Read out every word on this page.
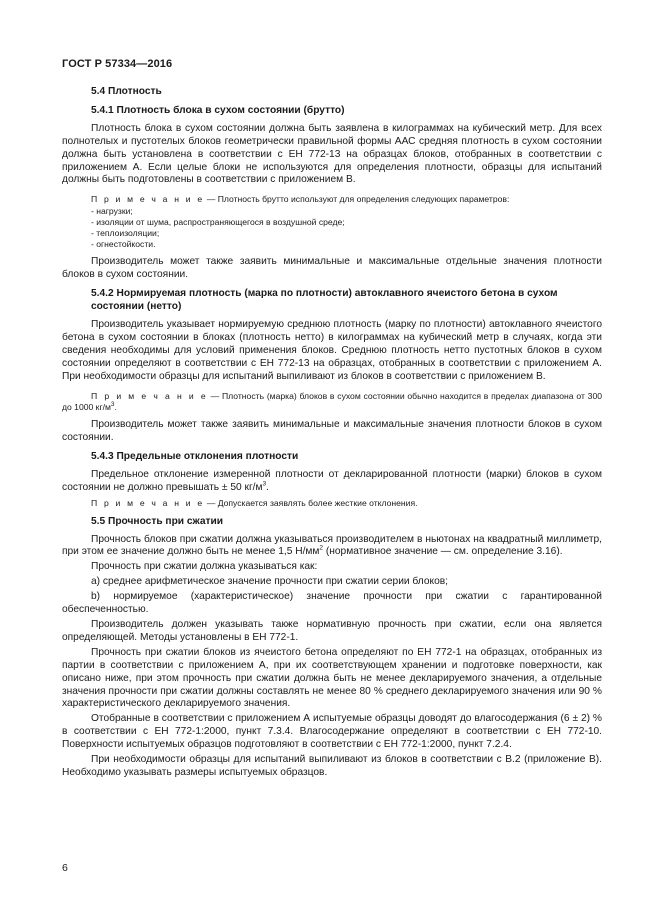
ГОСТ Р 57334—2016
5.4 Плотность
5.4.1 Плотность блока в сухом состоянии (брутто)
Плотность блока в сухом состоянии должна быть заявлена в килограммах на кубический метр. Для всех полнотелых и пустотелых блоков геометрически правильной формы ААС средняя плотность в сухом состоянии должна быть установлена в соответствии с ЕН 772-13 на образцах блоков, отобранных в соответствии с приложением А. Если целые блоки не используются для определения плотности, образцы для испытаний должны быть подготовлены в соответствии с приложением В.
П р и м е ч а н и е — Плотность брутто используют для определения следующих параметров:
- нагрузки;
- изоляции от шума, распространяющегося в воздушной среде;
- теплоизоляции;
- огнестойкости.
Производитель может также заявить минимальные и максимальные отдельные значения плотности блоков в сухом состоянии.
5.4.2 Нормируемая плотность (марка по плотности) автоклавного ячеистого бетона в сухом состоянии (нетто)
Производитель указывает нормируемую среднюю плотность (марку по плотности) автоклавного ячеистого бетона в сухом состоянии в блоках (плотность нетто) в килограммах на кубический метр в случаях, когда эти сведения необходимы для условий применения блоков. Среднюю плотность нетто пустотных блоков в сухом состоянии определяют в соответствии с ЕН 772-13 на образцах, отобранных в соответствии с приложением А. При необходимости образцы для испытаний выпиливают из блоков в соответствии с приложением В.
П р и м е ч а н и е — Плотность (марка) блоков в сухом состоянии обычно находится в пределах диапазона от 300 до 1000 $кг/м^3$.
Производитель может также заявить минимальные и максимальные значения плотности блоков в сухом состоянии.
5.4.3 Предельные отклонения плотности
Предельное отклонение измеренной плотности от декларированной плотности (марки) блоков в сухом состоянии не должно превышать ± 50 $кг/м^3$.
П р и м е ч а н и е — Допускается заявлять более жесткие отклонения.
5.5 Прочность при сжатии
Прочность блоков при сжатии должна указываться производителем в ньютонах на квадратный миллиметр, при этом ее значение должно быть не менее 1,5 $Н/мм^2$ (нормативное значение — см. определение 3.16).
Прочность при сжатии должна указываться как:
а) среднее арифметическое значение прочности при сжатии серии блоков;
b) нормируемое (характеристическое) значение прочности при сжатии с гарантированной обеспеченностью.
Производитель должен указывать также нормативную прочность при сжатии, если она является определяющей. Методы установлены в ЕН 772-1.
Прочность при сжатии блоков из ячеистого бетона определяют по ЕН 772-1 на образцах, отобранных из партии в соответствии с приложением А, при их соответствующем хранении и подготовке поверхности, как описано ниже, при этом прочность при сжатии должна быть не менее декларируемого значения, а отдельные значения прочности при сжатии должны составлять не менее 80 % среднего декларируемого значения или 90 % характеристического декларируемого значения.
Отобранные в соответствии с приложением А испытуемые образцы доводят до влагосодержания (6 ± 2) % в соответствии с ЕН 772-1:2000, пункт 7.3.4. Влагосодержание определяют в соответствии с ЕН 772-10. Поверхности испытуемых образцов подготовляют в соответствии с ЕН 772-1:2000, пункт 7.2.4.
При необходимости образцы для испытаний выпиливают из блоков в соответствии с В.2 (приложение В). Необходимо указывать размеры испытуемых образцов.
6
